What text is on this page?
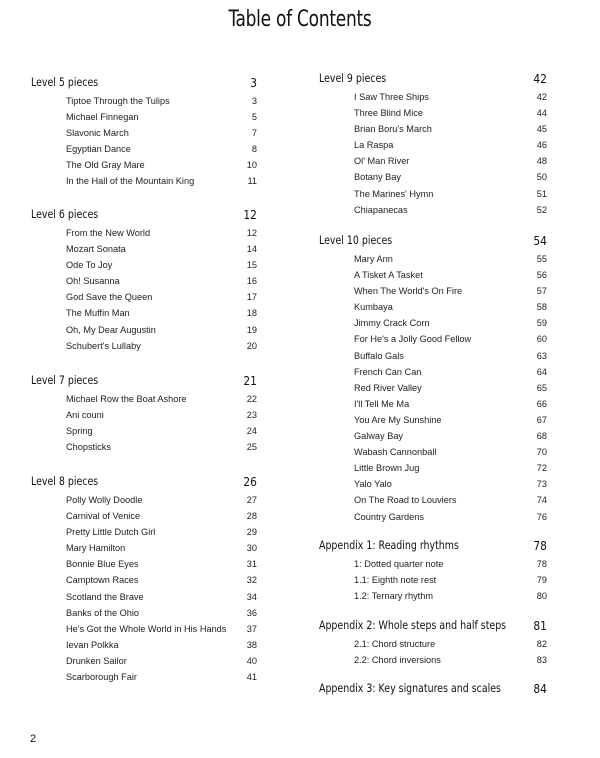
Table of Contents
Level 5 pieces	3
Tiptoe Through the Tulips	3
Michael Finnegan	5
Slavonic March	7
Egyptian Dance	8
The Old Gray Mare	10
In the Hall of the Mountain King	11
Level 6 pieces	12
From the New World	12
Mozart Sonata	14
Ode To Joy	15
Oh! Susanna	16
God Save the Queen	17
The Muffin Man	18
Oh, My Dear Augustin	19
Schubert's Lullaby	20
Level 7 pieces	21
Michael Row the Boat Ashore	22
Ani couni	23
Spring	24
Chopsticks	25
Level 8 pieces	26
Polly Wolly Doodle	27
Carnival of Venice	28
Pretty Little Dutch Girl	29
Mary Hamilton	30
Bonnie Blue Eyes	31
Camptown Races	32
Scotland the Brave	34
Banks of the Ohio	36
He's Got the Whole World in His Hands 37
Ievan Polkka	38
Drunken Sailor	40
Scarborough Fair	41
Level 9 pieces	42
I Saw Three Ships	42
Three Blind Mice	44
Brian Boru's March	45
La Raspa	46
Ol' Man River	48
Botany Bay	50
The Marines' Hymn	51
Chiapanecas	52
Level 10 pieces	54
Mary Ann	55
A Tisket A Tasket	56
When The World's On Fire	57
Kumbaya	58
Jimmy Crack Corn	59
For He's a Jolly Good Fellow	60
Buffalo Gals	63
French Can Can	64
Red River Valley	65
I'll Tell Me Ma	66
You Are My Sunshine	67
Galway Bay	68
Wabash Cannonball	70
Little Brown Jug	72
Yalo Yalo	73
On The Road to Louviers	74
Country Gardens	76
Appendix 1: Reading rhythms	78
1: Dotted quarter note	78
1.1: Eighth note rest	79
1.2: Ternary rhythm	80
Appendix 2: Whole steps and half steps 81
2.1: Chord structure	82
2.2: Chord inversions	83
Appendix 3: Key signatures and scales	84
2
